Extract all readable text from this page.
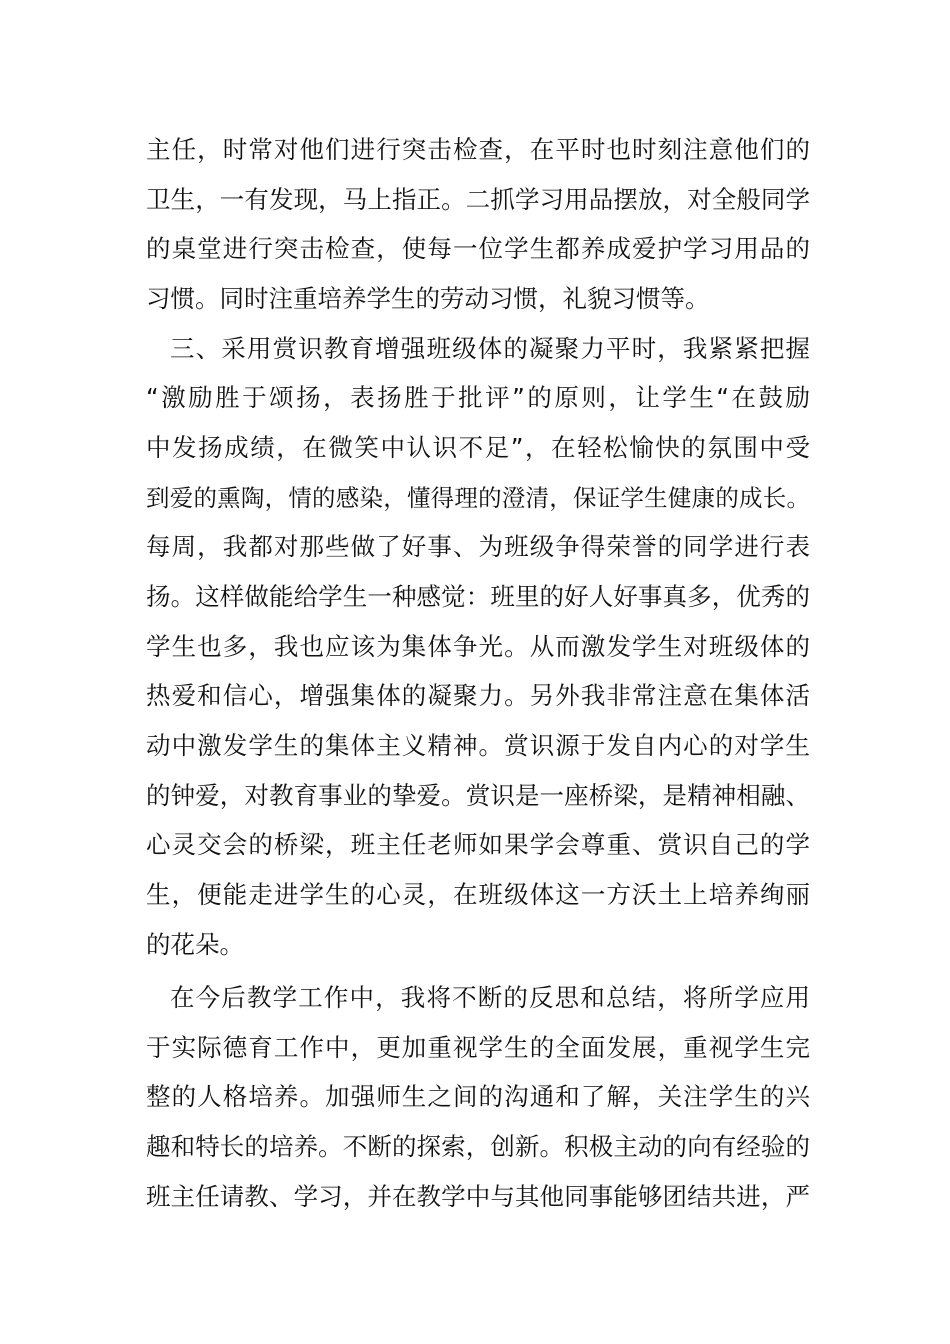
主任，时常对他们进行突击检查，在平时也时刻注意他们的
卫生，一有发现，马上指正。二抓学习用品摆放，对全般同学
的桌堂进行突击检查，使每一位学生都养成爱护学习用品的
习惯。同时注重培养学生的劳动习惯，礼貌习惯等。
三、采用赏识教育增强班级体的凝聚力平时，我紧紧把握
“激励胜于颂扬，表扬胜于批评”的原则，让学生“在鼓励
中发扬成绩，在微笑中认识不足”，在轻松愉快的氛围中受
到爱的熏陶，情的感染，懂得理的澄清，保证学生健康的成长。
每周，我都对那些做了好事、为班级争得荣誉的同学进行表
扬。这样做能给学生一种感觉：班里的好人好事真多，优秀的
学生也多，我也应该为集体争光。从而激发学生对班级体的
热爱和信心，增强集体的凝聚力。另外我非常注意在集体活
动中激发学生的集体主义精神。赏识源于发自内心的对学生
的钟爱，对教育事业的挚爱。赏识是一座桥梁，是精神相融、
心灵交会的桥梁，班主任老师如果学会尊重、赏识自己的学
生，便能走进学生的心灵，在班级体这一方沃土上培养绚丽
的花朵。
在今后教学工作中，我将不断的反思和总结，将所学应用
于实际德育工作中，更加重视学生的全面发展，重视学生完
整的人格培养。加强师生之间的沟通和了解，关注学生的兴
趣和特长的培养。不断的探索，创新。积极主动的向有经验的
班主任请教、学习，并在教学中与其他同事能够团结共进，严
